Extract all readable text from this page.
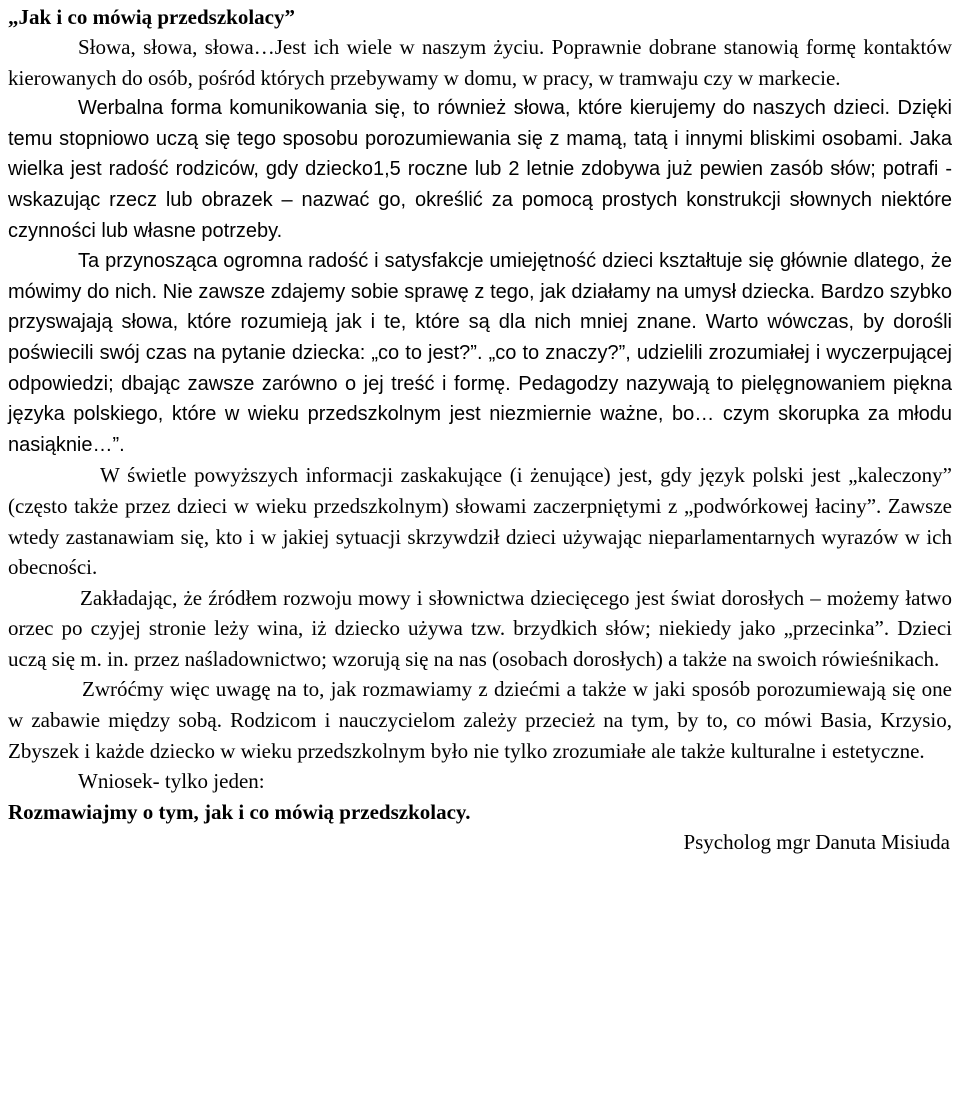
„Jak i co mówią przedszkolacy”

Słowa, słowa, słowa…Jest ich wiele w naszym życiu. Poprawnie dobrane stanowią formę kontaktów kierowanych do osób, pośród których przebywamy w domu, w pracy, w tramwaju czy w markecie.

Werbalna forma komunikowania się, to również słowa, które kierujemy do naszych dzieci. Dzięki temu stopniowo uczą się tego sposobu porozumiewania się z mamą, tatą i innymi bliskimi osobami. Jaka wielka jest radość rodziców, gdy dziecko1,5 roczne lub 2 letnie zdobywa już pewien zasób słów; potrafi - wskazując rzecz lub obrazek – nazwać go, określić za pomocą prostych konstrukcji słownych niektóre czynności lub własne potrzeby.

Ta przynosząca ogromna radość i satysfakcje umiejętność dzieci kształtuje się głównie dlatego, że mówimy do nich. Nie zawsze zdajemy sobie sprawę z tego, jak działamy na umysł dziecka. Bardzo szybko przyswajają słowa, które rozumieją jak i te, które są dla nich mniej znane. Warto wówczas, by dorośli poświecili swój czas na pytanie dziecka: „co to jest?”. „co to znaczy?”, udzielili zrozumiałej i wyczerpującej odpowiedzi; dbając zawsze zarówno o jej treść i formę. Pedagodzy nazywają to pielęgnowaniem piękna języka polskiego, które w wieku przedszkolnym jest niezmiernie ważne, bo… czym skorupka za młodu nasiąknie…”.

W świetle powyższych informacji zaskakujące (i żenujące) jest, gdy język polski jest „kaleczony” (często także przez dzieci w wieku przedszkolnym) słowami zaczerpniętymi z „podwórkowej łaciny”. Zawsze wtedy zastanawiam się, kto i w jakiej sytuacji skrzywdził dzieci używając nieparlamentarnych wyrazów w ich obecności.

Zakładając, że źródłem rozwoju mowy i słownictwa dziecięcego jest świat dorosłych – możemy łatwo orzec po czyjej stronie leży wina, iż dziecko używa tzw. brzydkich słów; niekiedy jako „przecinka”. Dzieci uczą się m. in. przez naśladownictwo; wzorują się na nas (osobach dorosłych) a także na swoich rówieśnikach.

Zwróćmy więc uwagę na to, jak rozmawiamy z dziećmi a także w jaki sposób porozumiewają się one w zabawie między sobą. Rodzicom i nauczycielom zależy przecież na tym, by to, co mówi Basia, Krzysio, Zbyszek i każde dziecko w wieku przedszkolnym było nie tylko zrozumiałe ale także kulturalne i estetyczne.

Wniosek- tylko jeden:

Rozmawiajmy o tym, jak i co mówią przedszkolacy.

Psycholog mgr Danuta Misiuda
